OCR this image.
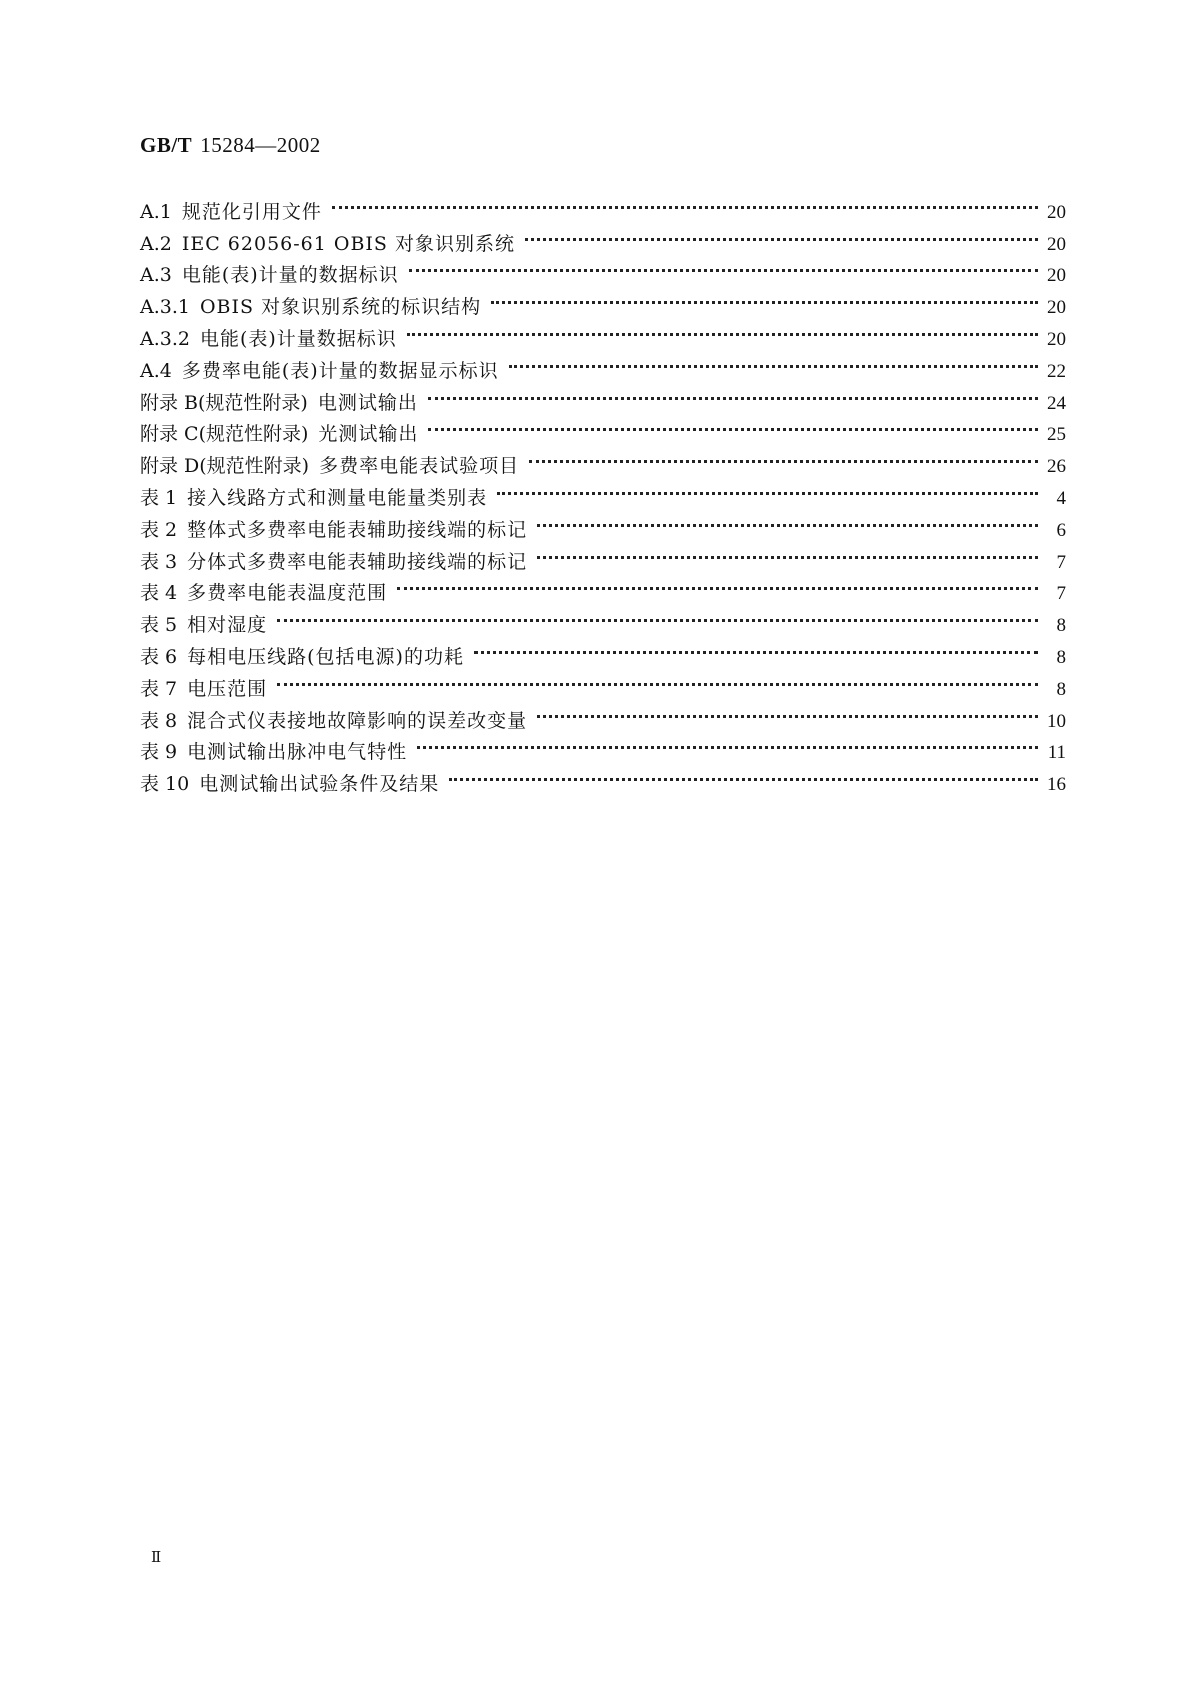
GB/T 15284—2002
A.1 规范化引用文件	20
A.2 IEC 62056-61 OBIS 对象识别系统	20
A.3 电能(表)计量的数据标识	20
A.3.1 OBIS 对象识别系统的标识结构	20
A.3.2 电能(表)计量数据标识	20
A.4 多费率电能(表)计量的数据显示标识	22
附录 B(规范性附录) 电测试输出	24
附录 C(规范性附录) 光测试输出	25
附录 D(规范性附录) 多费率电能表试验项目	26
表 1 接入线路方式和测量电能量类别表	4
表 2 整体式多费率电能表辅助接线端的标记	6
表 3 分体式多费率电能表辅助接线端的标记	7
表 4 多费率电能表温度范围	7
表 5 相对湿度	8
表 6 每相电压线路(包括电源)的功耗	8
表 7 电压范围	8
表 8 混合式仪表接地故障影响的误差改变量	10
表 9 电测试输出脉冲电气特性	11
表 10 电测试输出试验条件及结果	16
Ⅱ
